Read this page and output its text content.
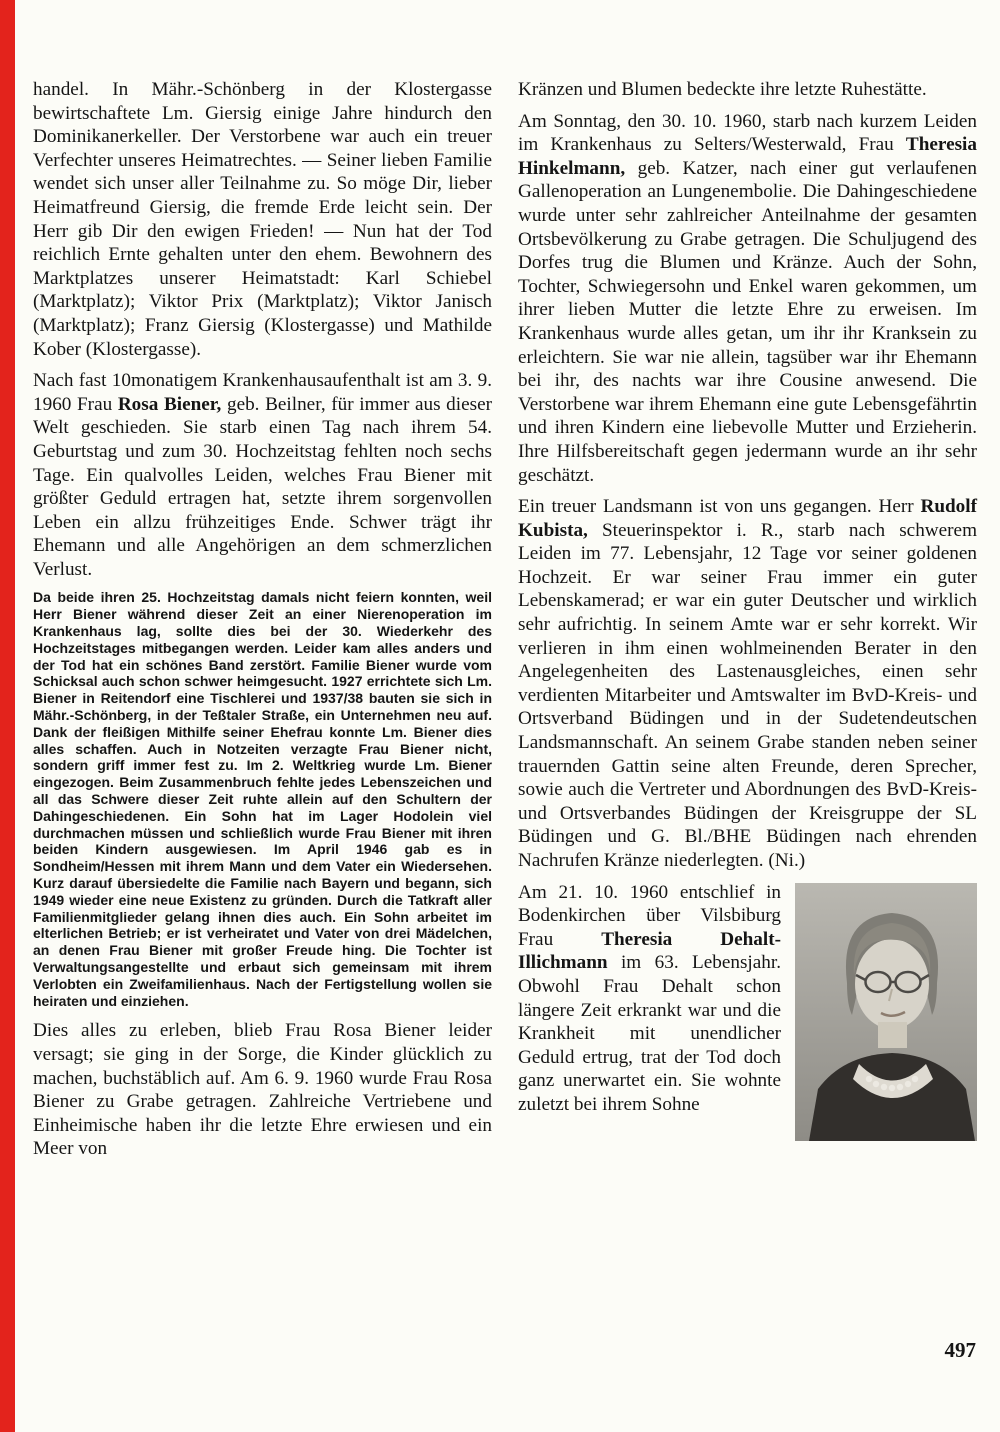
handel. In Mähr.-Schönberg in der Klostergasse bewirtschaftete Lm. Giersig einige Jahre hindurch den Dominikanerkeller. Der Verstorbene war auch ein treuer Verfechter unseres Heimatrechtes. — Seiner lieben Familie wendet sich unser aller Teilnahme zu. So möge Dir, lieber Heimatfreund Giersig, die fremde Erde leicht sein. Der Herr gib Dir den ewigen Frieden! — Nun hat der Tod reichlich Ernte gehalten unter den ehem. Bewohnern des Marktplatzes unserer Heimatstadt: Karl Schiebel (Marktplatz); Viktor Prix (Marktplatz); Viktor Janisch (Marktplatz); Franz Giersig (Klostergasse) und Mathilde Kober (Klostergasse).

Nach fast 10monatigem Krankenhausaufenthalt ist am 3. 9. 1960 Frau Rosa Biener, geb. Beilner, für immer aus dieser Welt geschieden. Sie starb einen Tag nach ihrem 54. Geburtstag und zum 30. Hochzeitstag fehlten noch sechs Tage. Ein qualvolles Leiden, welches Frau Biener mit größter Geduld ertragen hat, setzte ihrem sorgenvollen Leben ein allzu frühzeitiges Ende. Schwer trägt ihr Ehemann und alle Angehörigen an dem schmerzlichen Verlust.

Da beide ihren 25. Hochzeitstag damals nicht feiern konnten, weil Herr Biener während dieser Zeit an einer Nierenoperation im Krankenhaus lag, sollte dies bei der 30. Wiederkehr des Hochzeitstages mitbegangen werden. Leider kam alles anders und der Tod hat ein schönes Band zerstört. Familie Biener wurde vom Schicksal auch schon schwer heimgesucht. 1927 errichtete sich Lm. Biener in Reitendorf eine Tischlerei und 1937/38 bauten sie sich in Mähr.-Schönberg, in der Teßtaler Straße, ein Unternehmen neu auf. Dank der fleißigen Mithilfe seiner Ehefrau konnte Lm. Biener dies alles schaffen. Auch in Notzeiten verzagte Frau Biener nicht, sondern griff immer fest zu. Im 2. Weltkrieg wurde Lm. Biener eingezogen. Beim Zusammenbruch fehlte jedes Lebenszeichen und all das Schwere dieser Zeit ruhte allein auf den Schultern der Dahingeschiedenen. Ein Sohn hat im Lager Hodolein viel durchmachen müssen und schließlich wurde Frau Biener mit ihren beiden Kindern ausgewiesen. Im April 1946 gab es in Sondheim/Hessen mit ihrem Mann und dem Vater ein Wiedersehen. Kurz darauf übersiedelte die Familie nach Bayern und begann, sich 1949 wieder eine neue Existenz zu gründen. Durch die Tatkraft aller Familienmitglieder gelang ihnen dies auch. Ein Sohn arbeitet im elterlichen Betrieb; er ist verheiratet und Vater von drei Mädelchen, an denen Frau Biener mit großer Freude hing. Die Tochter ist Verwaltungsangestellte und erbaut sich gemeinsam mit ihrem Verlobten ein Zweifamilienhaus. Nach der Fertigstellung wollen sie heiraten und einziehen.

Dies alles zu erleben, blieb Frau Rosa Biener leider versagt; sie ging in der Sorge, die Kinder glücklich zu machen, buchstäblich auf. Am 6. 9. 1960 wurde Frau Rosa Biener zu Grabe getragen. Zahlreiche Vertriebene und Einheimische haben ihr die letzte Ehre erwiesen und ein Meer von

Kränzen und Blumen bedeckte ihre letzte Ruhestätte.

Am Sonntag, den 30. 10. 1960, starb nach kurzem Leiden im Krankenhaus zu Selters/Westerwald, Frau Theresia Hinkelmann, geb. Katzer, nach einer gut verlaufenen Gallenoperation an Lungenembolie. Die Dahingeschiedene wurde unter sehr zahlreicher Anteilnahme der gesamten Ortsbevölkerung zu Grabe getragen. Die Schuljugend des Dorfes trug die Blumen und Kränze. Auch der Sohn, Tochter, Schwiegersohn und Enkel waren gekommen, um ihrer lieben Mutter die letzte Ehre zu erweisen. Im Krankenhaus wurde alles getan, um ihr ihr Kranksein zu erleichtern. Sie war nie allein, tagsüber war ihr Ehemann bei ihr, des nachts war ihre Cousine anwesend. Die Verstorbene war ihrem Ehemann eine gute Lebensgefährtin und ihren Kindern eine liebevolle Mutter und Erzieherin. Ihre Hilfsbereitschaft gegen jedermann wurde an ihr sehr geschätzt.

Ein treuer Landsmann ist von uns gegangen. Herr Rudolf Kubista, Steuerinspektor i. R., starb nach schwerem Leiden im 77. Lebensjahr, 12 Tage vor seiner goldenen Hochzeit. Er war seiner Frau immer ein guter Lebenskamerad; er war ein guter Deutscher und wirklich sehr aufrichtig. In seinem Amte war er sehr korrekt. Wir verlieren in ihm einen wohlmeinenden Berater in den Angelegenheiten des Lastenausgleiches, einen sehr verdienten Mitarbeiter und Amtswalter im BvD-Kreis- und Ortsverband Büdingen und in der Sudetendeutschen Landsmannschaft. An seinem Grabe standen neben seiner trauernden Gattin seine alten Freunde, deren Sprecher, sowie auch die Vertreter und Abordnungen des BvD-Kreis- und Ortsverbandes Büdingen der Kreisgruppe der SL Büdingen und G. Bl./BHE Büdingen nach ehrenden Nachrufen Kränze niederlegten. (Ni.)

Am 21. 10. 1960 entschlief in Bodenkirchen über Vilsbiburg Frau Theresia Dehalt-Illichmann im 63. Lebensjahr. Obwohl Frau Dehalt schon längere Zeit erkrankt war und die Krankheit mit unendlicher Geduld ertrug, trat der Tod doch ganz unerwartet ein. Sie wohnte zuletzt bei ihrem Sohne

497
